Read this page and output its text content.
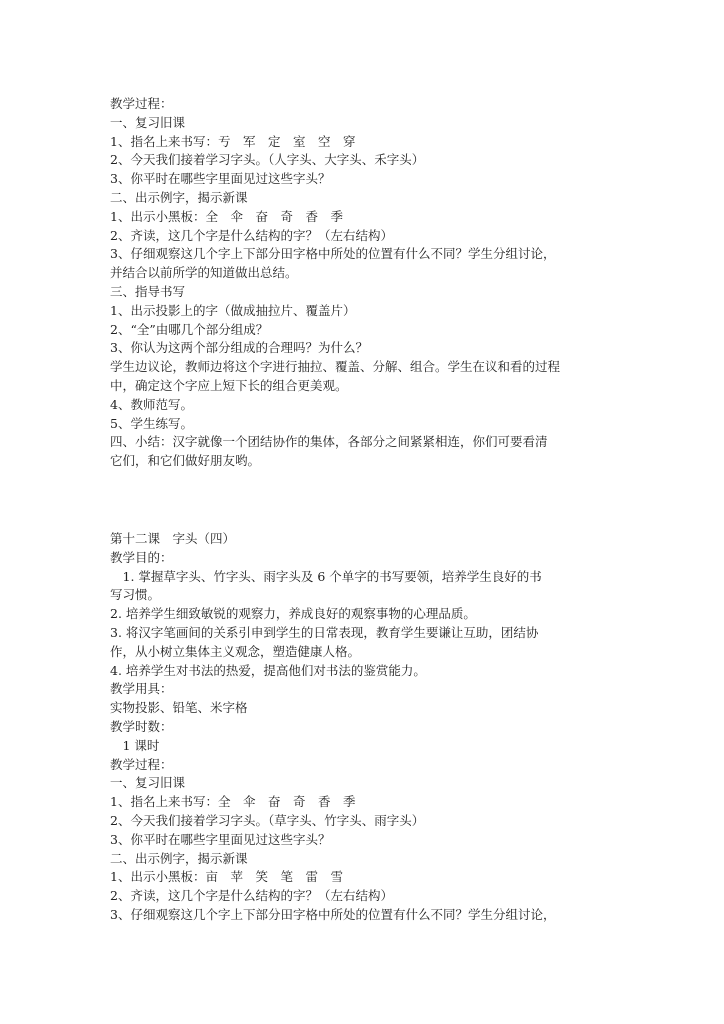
教学过程：
一、复习旧课
1、指名上来书写：亐　军　定　室　空　穿
2、今天我们接着学习字头。（人字头、大字头、禾字头）
3、你平时在哪些字里面见过这些字头？
二、出示例字，揭示新课
1、出示小黑板：全　伞　奋　奇　香　季
2、齐读，这几个字是什么结构的字？（左右结构）
3、仔细观察这几个字上下部分田字格中所处的位置有什么不同？学生分组讨论，
并结合以前所学的知道做出总结。
三、指导书写
1、出示投影上的字（做成抽拉片、覆盖片）
2、“全”由哪几个部分组成？
3、你认为这两个部分组成的合理吗？为什么？
学生边议论，教师边将这个字进行抽拉、覆盖、分解、组合。学生在议和看的过程
中，确定这个字应上短下长的组合更美观。
4、教师范写。
5、学生练写。
四、小结：汉字就像一个团结协作的集体，各部分之间紧紧相连，你们可要看清
它们，和它们做好朋友哟。
第十二课　字头（四）
教学目的：
　1. 掌握草字头、竹字头、雨字头及 6 个单字的书写要领，培养学生良好的书
写习惯。
2. 培养学生细致敏锐的观察力，养成良好的观察事物的心理品质。
3. 将汉字笔画间的关系引申到学生的日常表现，教育学生要谦让互助，团结协
作，从小树立集体主义观念，塑造健康人格。
4. 培养学生对书法的热爱，提高他们对书法的鉴赏能力。
教学用具：
实物投影、铅笔、米字格
教学时数：
　1 课时
教学过程：
一、复习旧课
1、指名上来书写：全　伞　奋　奇　香　季
2、今天我们接着学习字头。（草字头、竹字头、雨字头）
3、你平时在哪些字里面见过这些字头？
二、出示例字，揭示新课
1、出示小黑板：亩　苹　笑　笔　雷　雪
2、齐读，这几个字是什么结构的字？（左右结构）
3、仔细观察这几个字上下部分田字格中所处的位置有什么不同？学生分组讨论，
